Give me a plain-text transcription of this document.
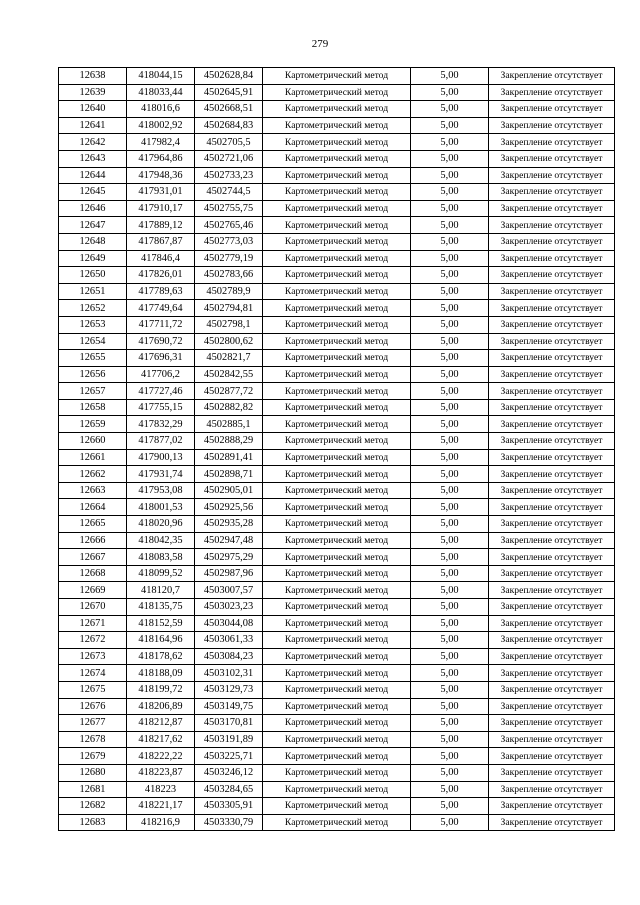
279
12638	418044,15	4502628,84	Картометрический метод	5,00	Закрепление отсутствует
12639	418033,44	4502645,91	Картометрический метод	5,00	Закрепление отсутствует
12640	418016,6	4502668,51	Картометрический метод	5,00	Закрепление отсутствует
12641	418002,92	4502684,83	Картометрический метод	5,00	Закрепление отсутствует
12642	417982,4	4502705,5	Картометрический метод	5,00	Закрепление отсутствует
12643	417964,86	4502721,06	Картометрический метод	5,00	Закрепление отсутствует
12644	417948,36	4502733,23	Картометрический метод	5,00	Закрепление отсутствует
12645	417931,01	4502744,5	Картометрический метод	5,00	Закрепление отсутствует
12646	417910,17	4502755,75	Картометрический метод	5,00	Закрепление отсутствует
12647	417889,12	4502765,46	Картометрический метод	5,00	Закрепление отсутствует
12648	417867,87	4502773,03	Картометрический метод	5,00	Закрепление отсутствует
12649	417846,4	4502779,19	Картометрический метод	5,00	Закрепление отсутствует
12650	417826,01	4502783,66	Картометрический метод	5,00	Закрепление отсутствует
12651	417789,63	4502789,9	Картометрический метод	5,00	Закрепление отсутствует
12652	417749,64	4502794,81	Картометрический метод	5,00	Закрепление отсутствует
12653	417711,72	4502798,1	Картометрический метод	5,00	Закрепление отсутствует
12654	417690,72	4502800,62	Картометрический метод	5,00	Закрепление отсутствует
12655	417696,31	4502821,7	Картометрический метод	5,00	Закрепление отсутствует
12656	417706,2	4502842,55	Картометрический метод	5,00	Закрепление отсутствует
12657	417727,46	4502877,72	Картометрический метод	5,00	Закрепление отсутствует
12658	417755,15	4502882,82	Картометрический метод	5,00	Закрепление отсутствует
12659	417832,29	4502885,1	Картометрический метод	5,00	Закрепление отсутствует
12660	417877,02	4502888,29	Картометрический метод	5,00	Закрепление отсутствует
12661	417900,13	4502891,41	Картометрический метод	5,00	Закрепление отсутствует
12662	417931,74	4502898,71	Картометрический метод	5,00	Закрепление отсутствует
12663	417953,08	4502905,01	Картометрический метод	5,00	Закрепление отсутствует
12664	418001,53	4502925,56	Картометрический метод	5,00	Закрепление отсутствует
12665	418020,96	4502935,28	Картометрический метод	5,00	Закрепление отсутствует
12666	418042,35	4502947,48	Картометрический метод	5,00	Закрепление отсутствует
12667	418083,58	4502975,29	Картометрический метод	5,00	Закрепление отсутствует
12668	418099,52	4502987,96	Картометрический метод	5,00	Закрепление отсутствует
12669	418120,7	4503007,57	Картометрический метод	5,00	Закрепление отсутствует
12670	418135,75	4503023,23	Картометрический метод	5,00	Закрепление отсутствует
12671	418152,59	4503044,08	Картометрический метод	5,00	Закрепление отсутствует
12672	418164,96	4503061,33	Картометрический метод	5,00	Закрепление отсутствует
12673	418178,62	4503084,23	Картометрический метод	5,00	Закрепление отсутствует
12674	418188,09	4503102,31	Картометрический метод	5,00	Закрепление отсутствует
12675	418199,72	4503129,73	Картометрический метод	5,00	Закрепление отсутствует
12676	418206,89	4503149,75	Картометрический метод	5,00	Закрепление отсутствует
12677	418212,87	4503170,81	Картометрический метод	5,00	Закрепление отсутствует
12678	418217,62	4503191,89	Картометрический метод	5,00	Закрепление отсутствует
12679	418222,22	4503225,71	Картометрический метод	5,00	Закрепление отсутствует
12680	418223,87	4503246,12	Картометрический метод	5,00	Закрепление отсутствует
12681	418223	4503284,65	Картометрический метод	5,00	Закрепление отсутствует
12682	418221,17	4503305,91	Картометрический метод	5,00	Закрепление отсутствует
12683	418216,9	4503330,79	Картометрический метод	5,00	Закрепление отсутствует
